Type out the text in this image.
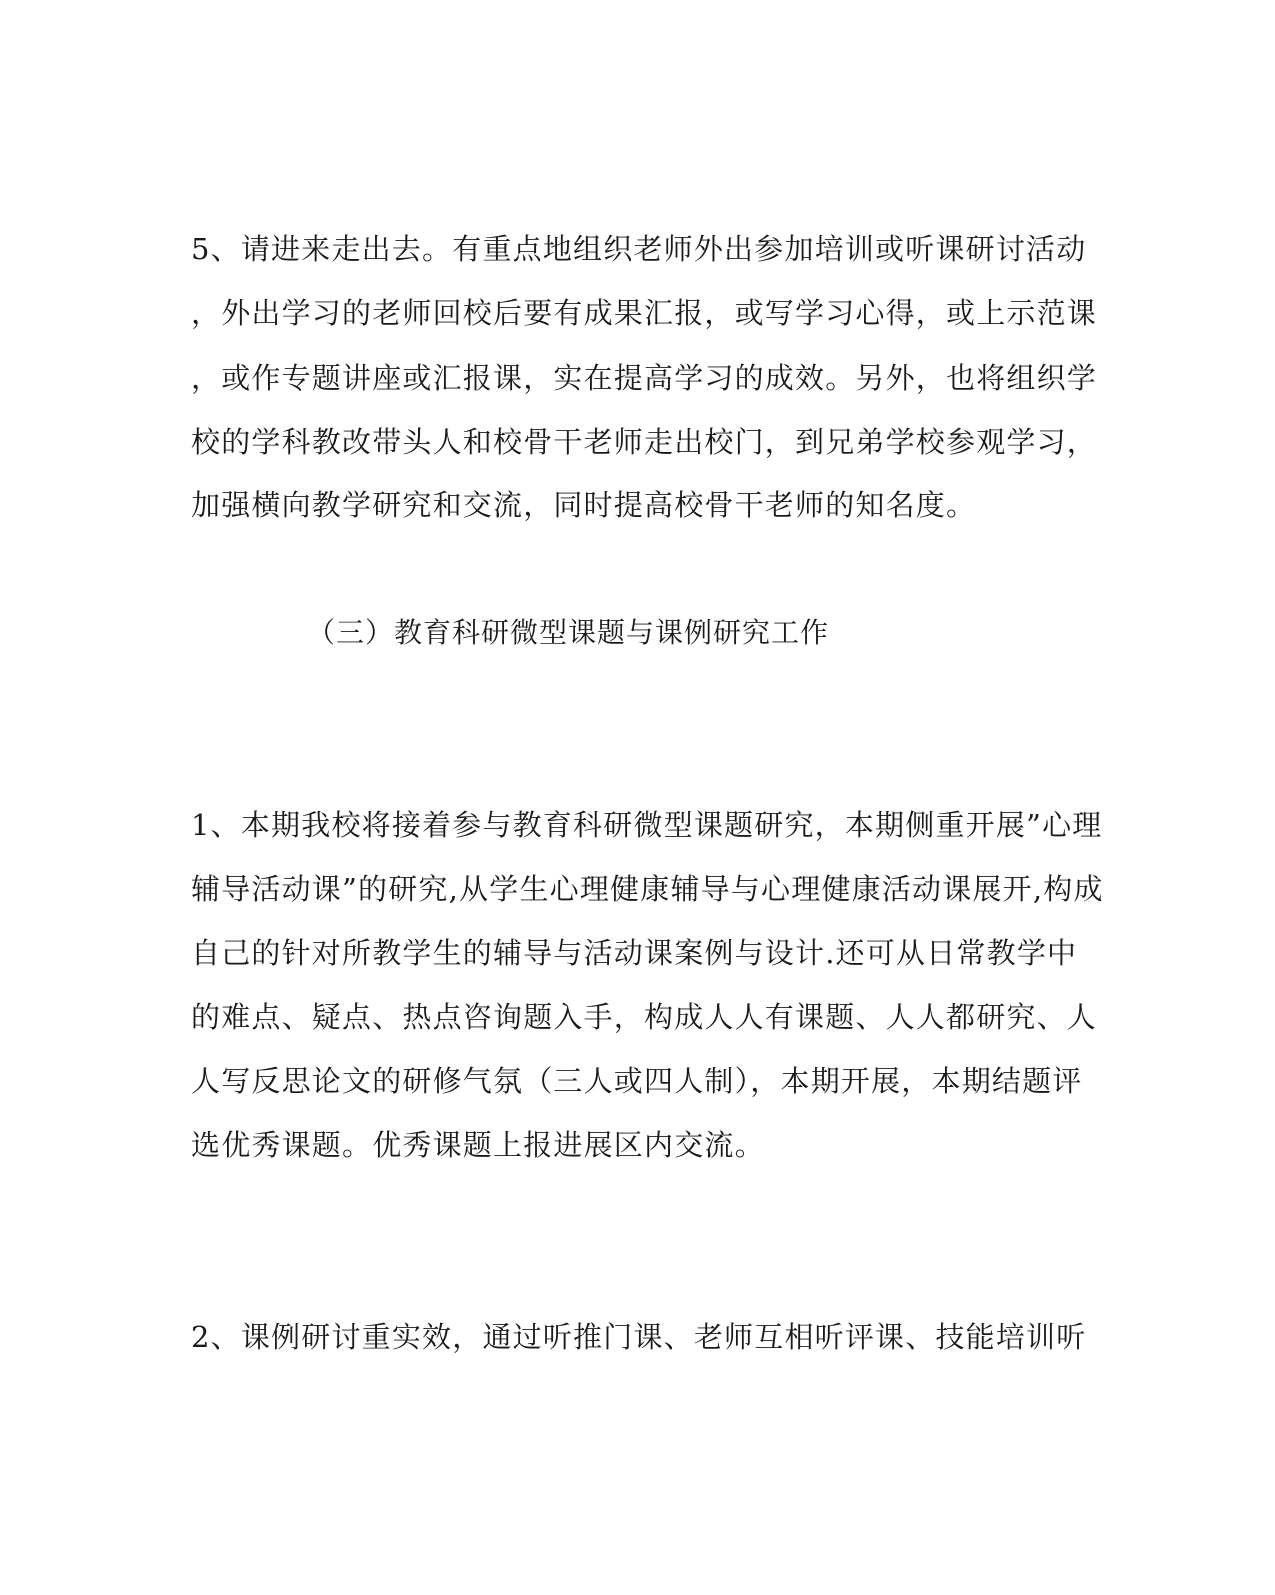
5、请进来走出去。有重点地组织老师外出参加培训或听课研讨活动
，外出学习的老师回校后要有成果汇报，或写学习心得，或上示范课
，或作专题讲座或汇报课，实在提高学习的成效。另外，也将组织学
校的学科教改带头人和校骨干老师走出校门，到兄弟学校参观学习，
加强横向教学研究和交流，同时提高校骨干老师的知名度。
（三）教育科研微型课题与课例研究工作
1、本期我校将接着参与教育科研微型课题研究，本期侧重开展”心理
辅导活动课”的研究,从学生心理健康辅导与心理健康活动课展开,构成
自己的针对所教学生的辅导与活动课案例与设计.还可从日常教学中
的难点、疑点、热点咨询题入手，构成人人有课题、人人都研究、人
人写反思论文的研修气氛（三人或四人制），本期开展，本期结题评
选优秀课题。优秀课题上报进展区内交流。
2、课例研讨重实效，通过听推门课、老师互相听评课、技能培训听
